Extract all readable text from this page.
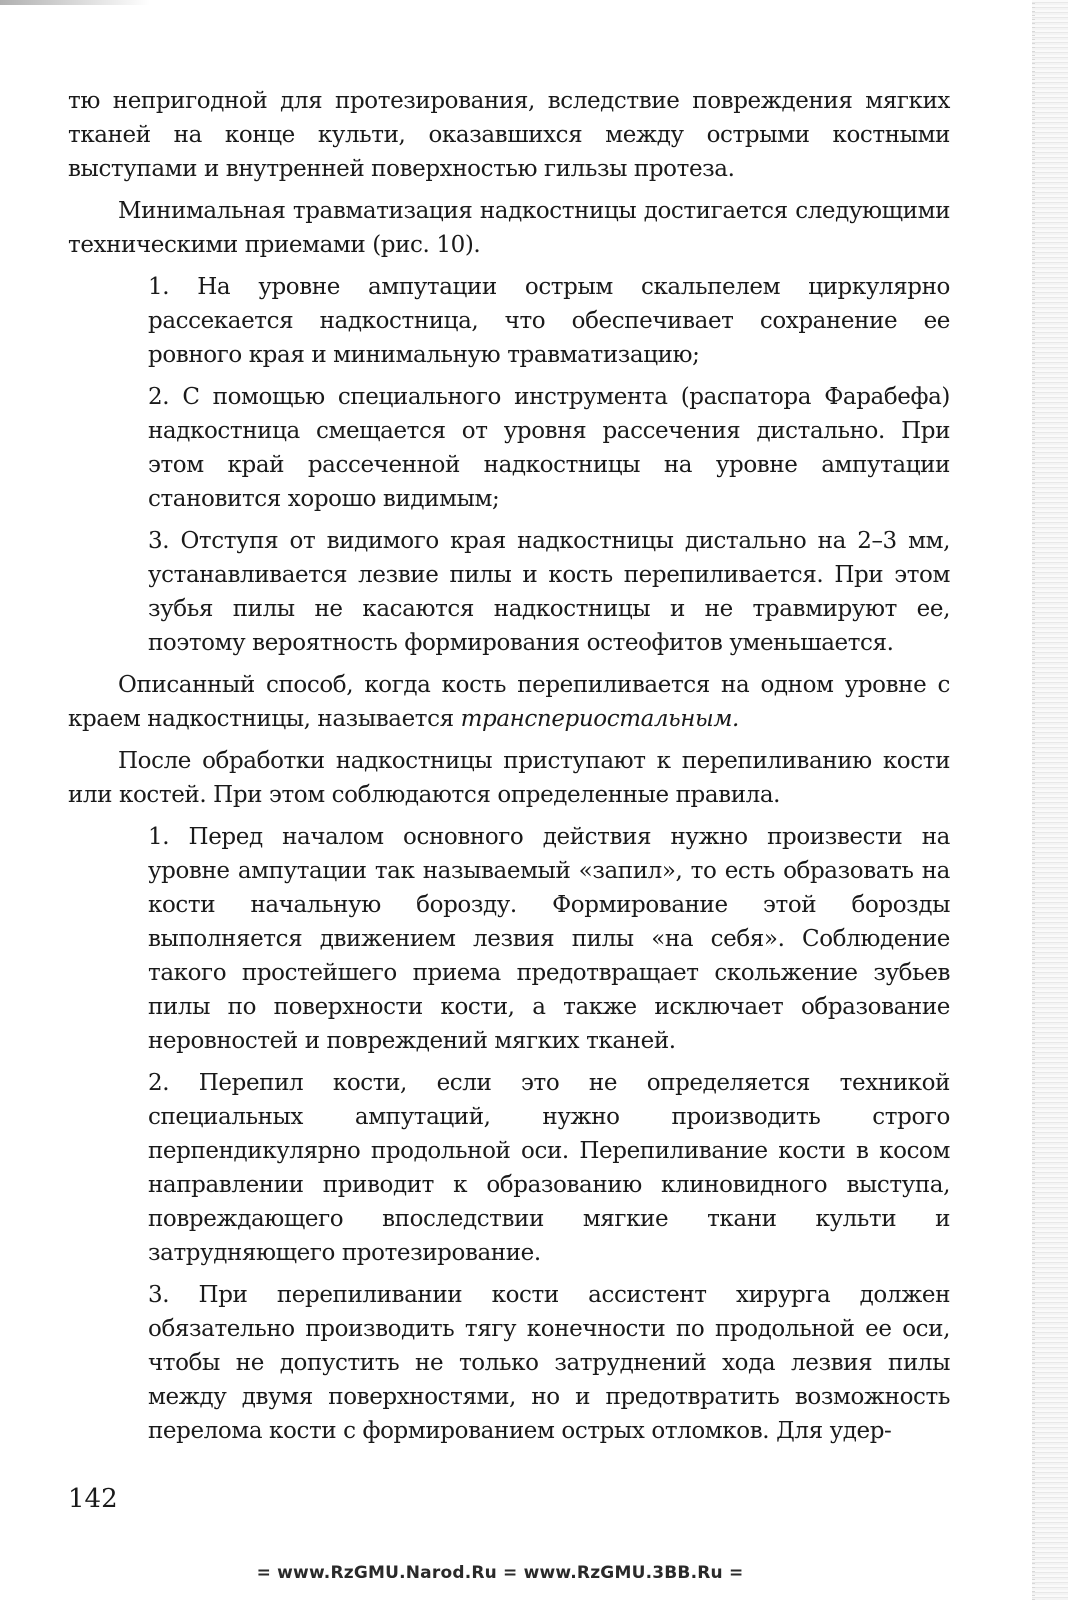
тю непригодной для протезирования, вследствие повреждения мягких тканей на конце культи, оказавшихся между острыми костными выступами и внутренней поверхностью гильзы протеза.

Минимальная травматизация надкостницы достигается следующими техническими приемами (рис. 10).

1. На уровне ампутации острым скальпелем циркулярно рассекается надкостница, что обеспечивает сохранение ее ровного края и минимальную травматизацию;

2. С помощью специального инструмента (распатора Фарабефа) надкостница смещается от уровня рассечения дистально. При этом край рассеченной надкостницы на уровне ампутации становится хорошо видимым;

3. Отступя от видимого края надкостницы дистально на 2–3 мм, устанавливается лезвие пилы и кость перепиливается. При этом зубья пилы не касаются надкостницы и не травмируют ее, поэтому вероятность формирования остеофитов уменьшается.

Описанный способ, когда кость перепиливается на одном уровне с краем надкостницы, называется транспериостальным.

После обработки надкостницы приступают к перепиливанию кости или костей. При этом соблюдаются определенные правила.

1. Перед началом основного действия нужно произвести на уровне ампутации так называемый «запил», то есть образовать на кости начальную борозду. Формирование этой борозды выполняется движением лезвия пилы «на себя». Соблюдение такого простейшего приема предотвращает скольжение зубьев пилы по поверхности кости, а также исключает образование неровностей и повреждений мягких тканей.

2. Перепил кости, если это не определяется техникой специальных ампутаций, нужно производить строго перпендикулярно продольной оси. Перепиливание кости в косом направлении приводит к образованию клиновидного выступа, повреждающего впоследствии мягкие ткани культи и затрудняющего протезирование.

3. При перепиливании кости ассистент хирурга должен обязательно производить тягу конечности по продольной ее оси, чтобы не допустить не только затруднений хода лезвия пилы между двумя поверхностями, но и предотвратить возможность перелома кости с формированием острых отломков. Для удер-

142
= www.RzGMU.Narod.Ru = www.RzGMU.3BB.Ru =
